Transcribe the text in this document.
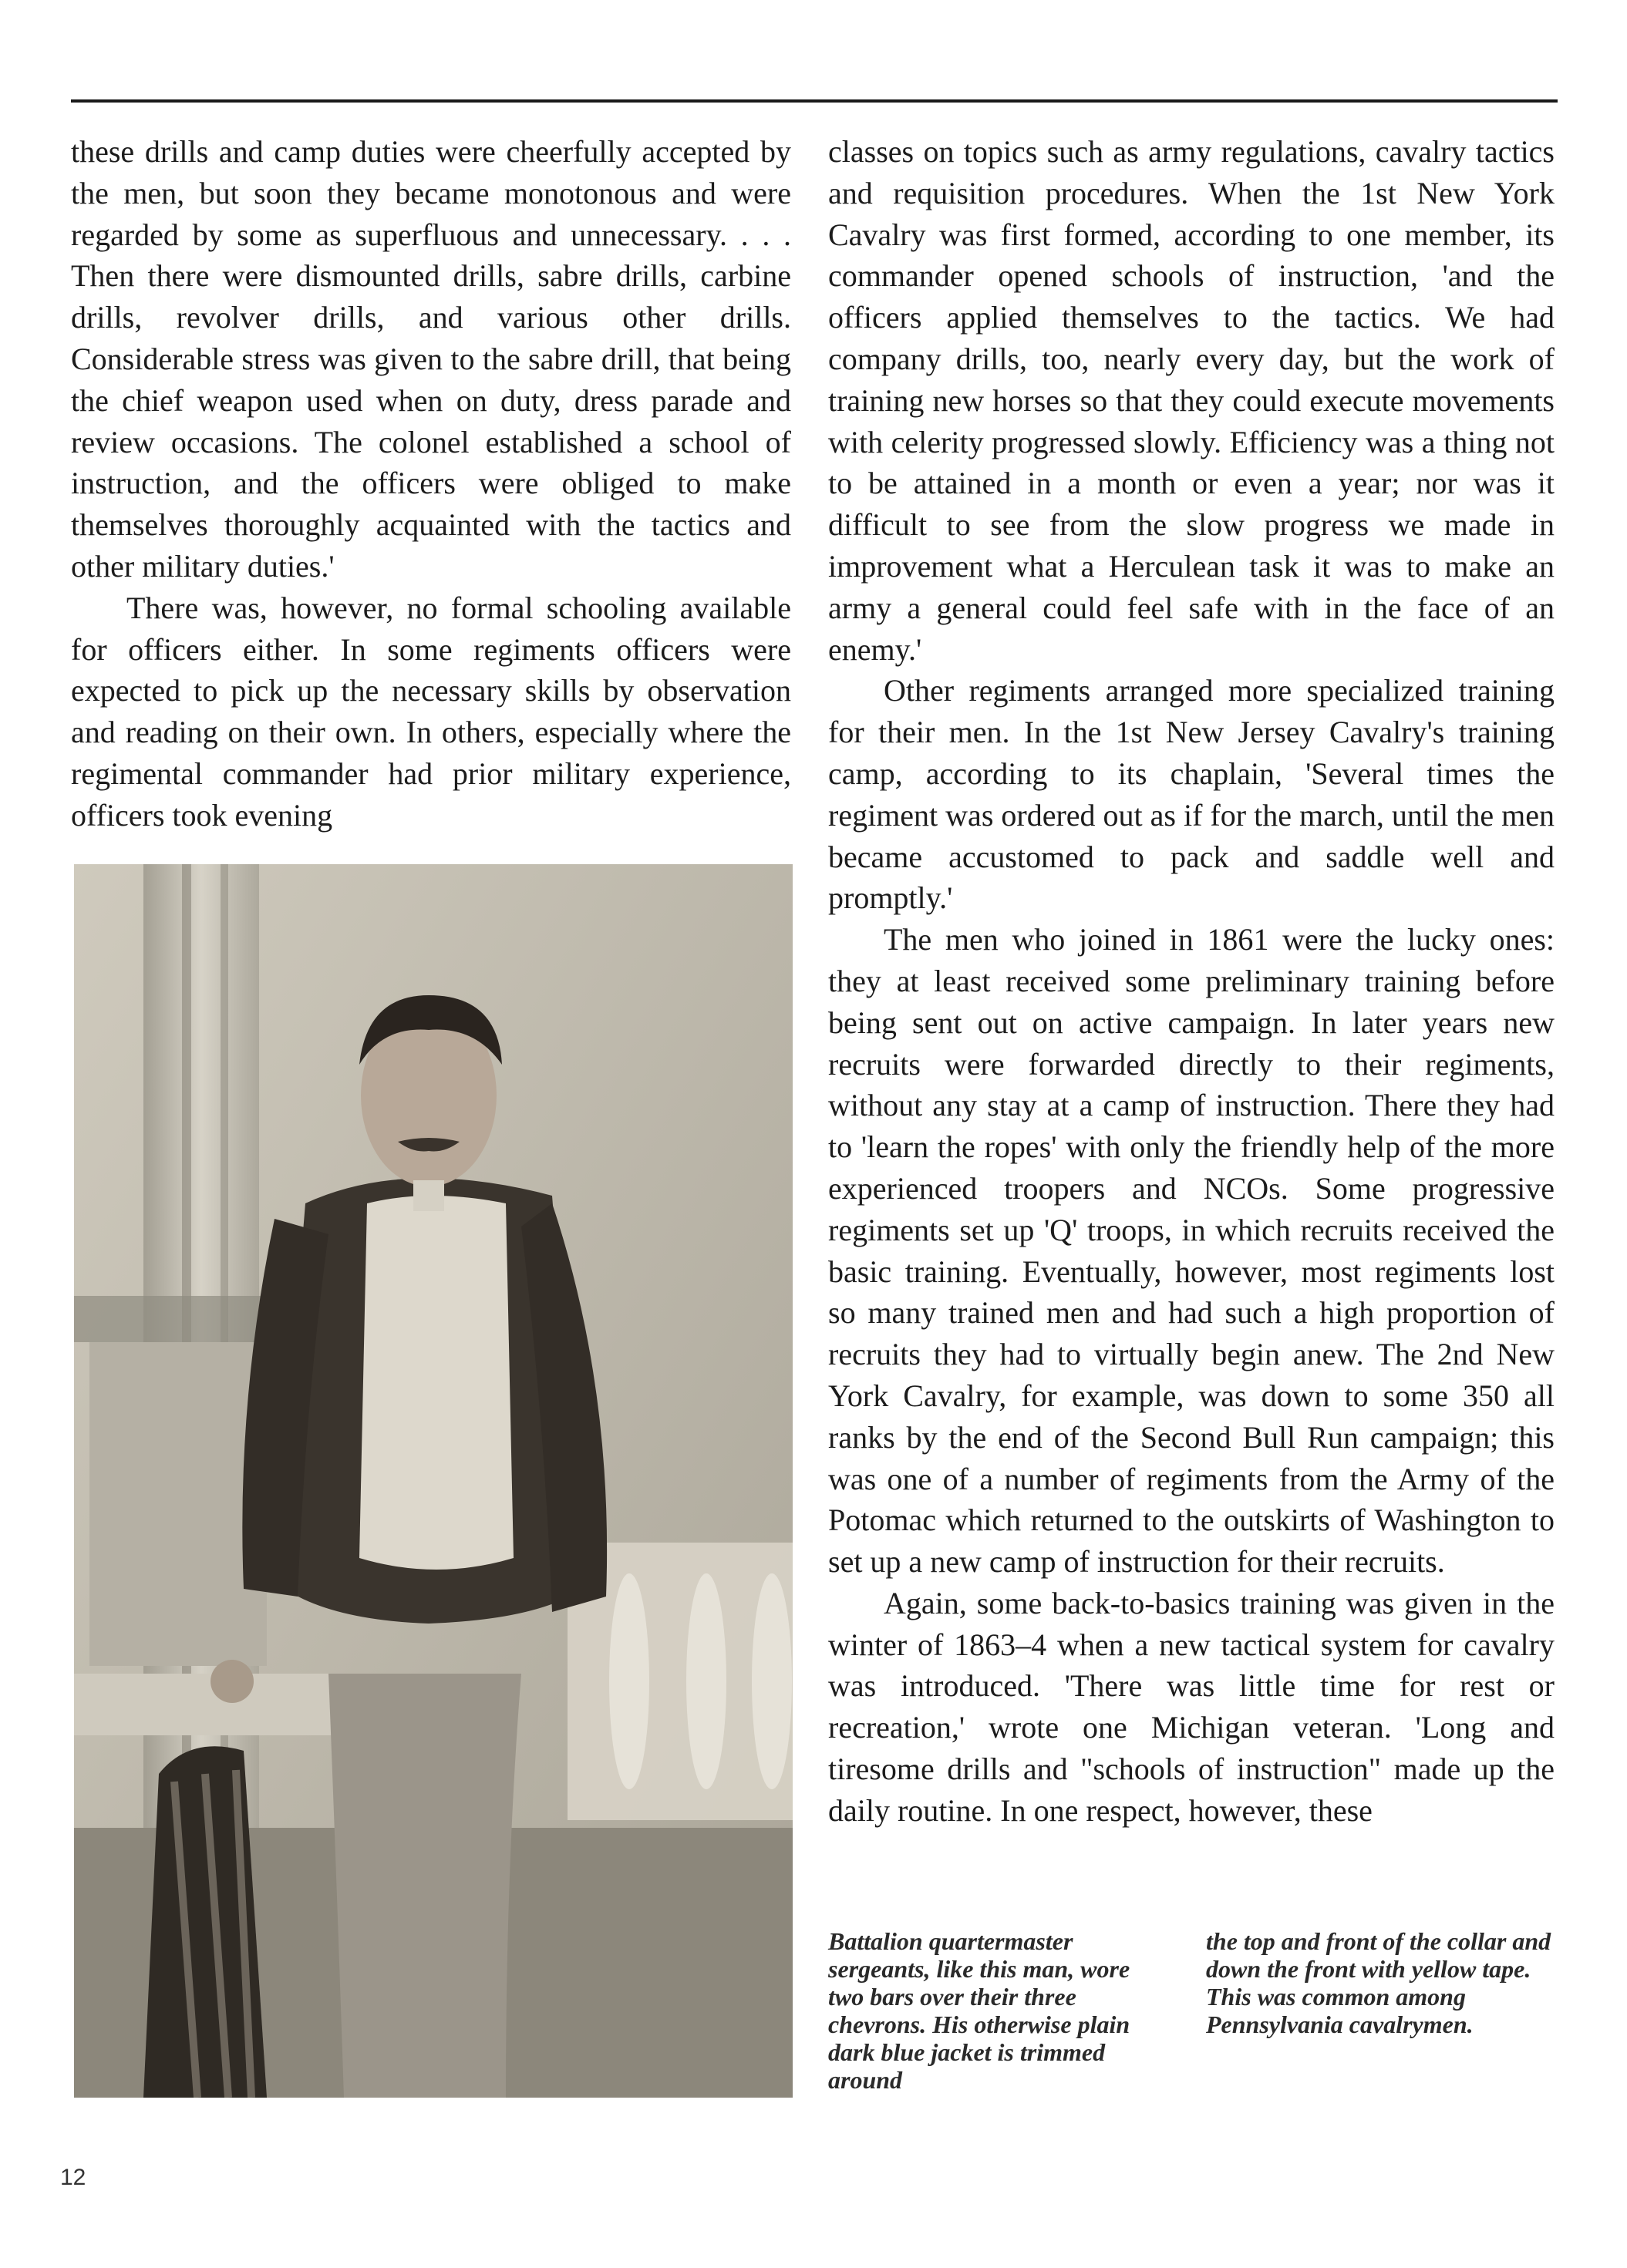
these drills and camp duties were cheerfully accepted by the men, but soon they became monotonous and were regarded by some as superfluous and unnecessary. . . . Then there were dismounted drills, sabre drills, carbine drills, revolver drills, and various other drills. Considerable stress was given to the sabre drill, that being the chief weapon used when on duty, dress parade and review occasions. The colonel established a school of instruction, and the officers were obliged to make themselves thoroughly acquainted with the tactics and other military duties.'

There was, however, no formal schooling available for officers either. In some regiments officers were expected to pick up the necessary skills by observation and reading on their own. In others, especially where the regimental commander had prior military experience, officers took evening

classes on topics such as army regulations, cavalry tactics and requisition procedures. When the 1st New York Cavalry was first formed, according to one member, its commander opened schools of instruction, 'and the officers applied themselves to the tactics. We had company drills, too, nearly every day, but the work of training new horses so that they could execute movements with celerity progressed slowly. Efficiency was a thing not to be attained in a month or even a year; nor was it difficult to see from the slow progress we made in improvement what a Herculean task it was to make an army a general could feel safe with in the face of an enemy.'

Other regiments arranged more specialized training for their men. In the 1st New Jersey Cavalry's training camp, according to its chaplain, 'Several times the regiment was ordered out as if for the march, until the men became accustomed to pack and saddle well and promptly.'

The men who joined in 1861 were the lucky ones: they at least received some preliminary training before being sent out on active campaign. In later years new recruits were forwarded directly to their regiments, without any stay at a camp of instruction. There they had to 'learn the ropes' with only the friendly help of the more experienced troopers and NCOs. Some progressive regiments set up 'Q' troops, in which recruits received the basic training. Eventually, however, most regiments lost so many trained men and had such a high proportion of recruits they had to virtually begin anew. The 2nd New York Cavalry, for example, was down to some 350 all ranks by the end of the Second Bull Run campaign; this was one of a number of regiments from the Army of the Potomac which returned to the outskirts of Washington to set up a new camp of instruction for their recruits.

Again, some back-to-basics training was given in the winter of 1863–4 when a new tactical system for cavalry was introduced. 'There was little time for rest or recreation,' wrote one Michigan veteran. 'Long and tiresome drills and "schools of instruction" made up the daily routine. In one respect, however, these

Battalion quartermaster sergeants, like this man, wore two bars over their three chevrons. His otherwise plain dark blue jacket is trimmed around

the top and front of the collar and down the front with yellow tape. This was common among Pennsylvania cavalrymen.

12
